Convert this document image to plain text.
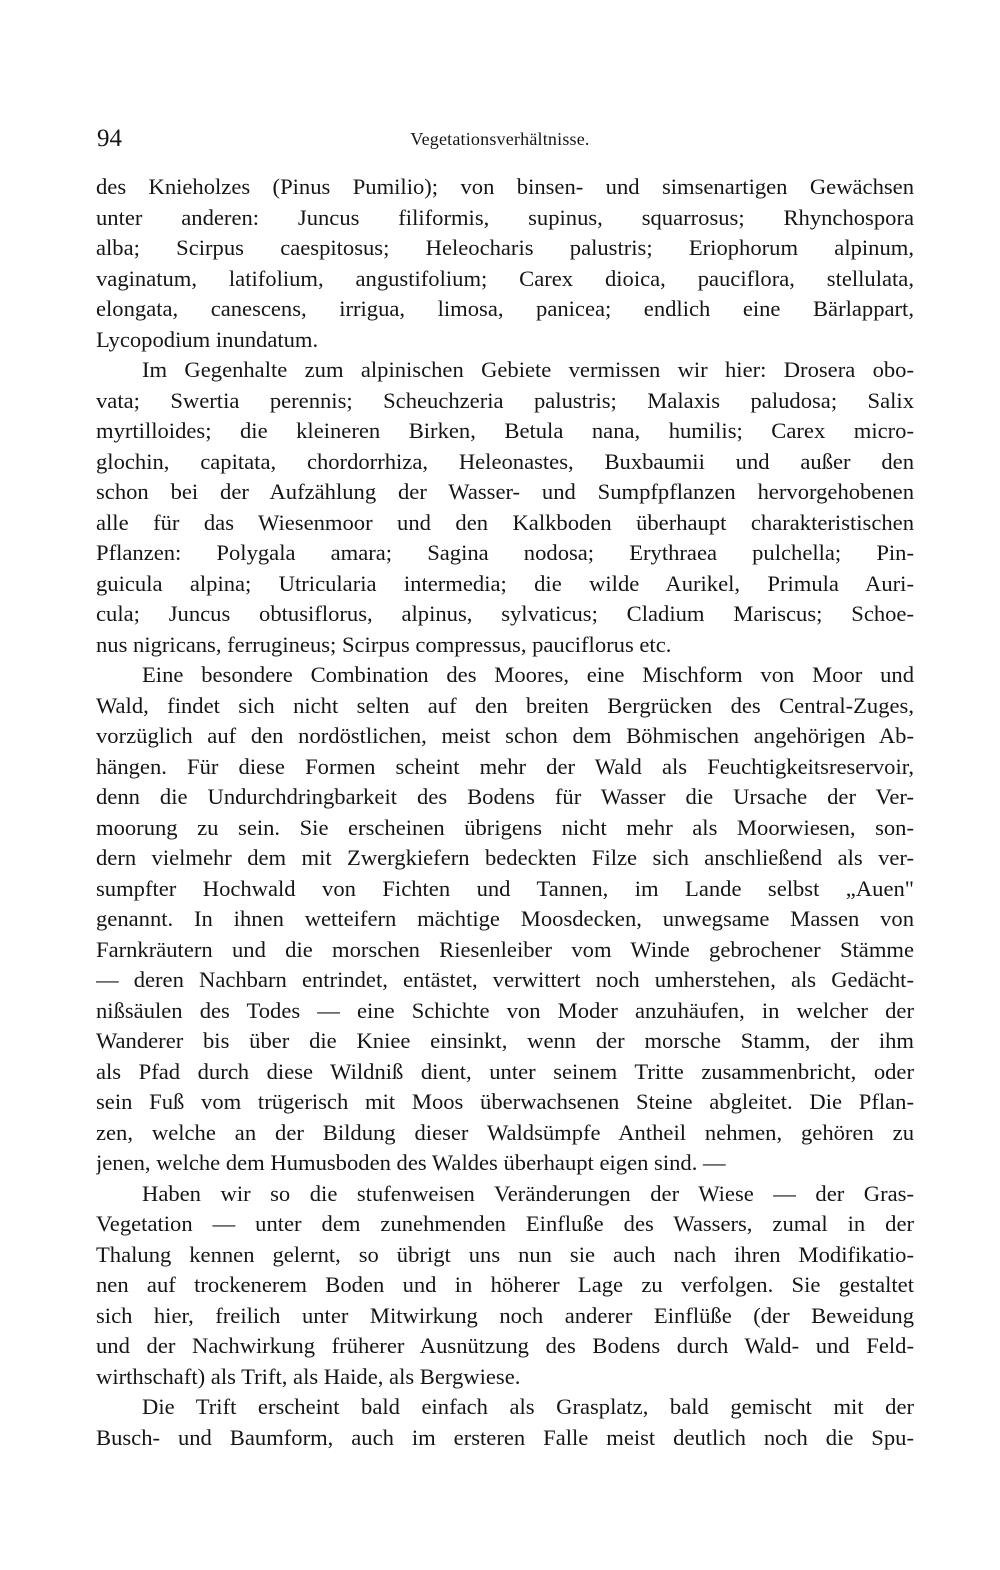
94	Vegetationsverhältnisse.
des Knieholzes (Pinus Pumilio); von binsen- und simsenartigen Gewächsen
unter anderen: Juncus filiformis, supinus, squarrosus; Rhynchospora
alba; Scirpus caespitosus; Heleocharis palustris; Eriophorum alpinum,
vaginatum, latifolium, angustifolium; Carex dioica, pauciflora, stellulata,
elongata, canescens, irrigua, limosa, panicea; endlich eine Bärlappart,
Lycopodium inundatum.
Im Gegenhalte zum alpinischen Gebiete vermissen wir hier: Drosera obo-
vata; Swertia perennis; Scheuchzeria palustris; Malaxis paludosa; Salix
myrtilloides; die kleineren Birken, Betula nana, humilis; Carex micro-
glochin, capitata, chordorrhiza, Heleonastes, Buxbaumii und außer den
schon bei der Aufzählung der Wasser- und Sumpfpflanzen hervorgehobenen
alle für das Wiesenmoor und den Kalkboden überhaupt charakteristischen
Pflanzen: Polygala amara; Sagina nodosa; Erythraea pulchella; Pin-
guicula alpina; Utricularia intermedia; die wilde Aurikel, Primula Auri-
cula; Juncus obtusiflorus, alpinus, sylvaticus; Cladium Mariscus; Schoe-
nus nigricans, ferrugineus; Scirpus compressus, pauciflorus etc.
Eine besondere Combination des Moores, eine Mischform von Moor und
Wald, findet sich nicht selten auf den breiten Bergrücken des Central-Zuges,
vorzüglich auf den nordöstlichen, meist schon dem Böhmischen angehörigen Ab-
hängen. Für diese Formen scheint mehr der Wald als Feuchtigkeitsreservoir,
denn die Undurchdringbarkeit des Bodens für Wasser die Ursache der Ver-
moorung zu sein. Sie erscheinen übrigens nicht mehr als Moorwiesen, son-
dern vielmehr dem mit Zwergkiefern bedeckten Filze sich anschließend als ver-
sumpfter Hochwald von Fichten und Tannen, im Lande selbst „Auen"
genannt. In ihnen wetteifern mächtige Moosdecken, unwegsame Massen von
Farnkräutern und die morschen Riesenleiber vom Winde gebrochener Stämme
— deren Nachbarn entrindet, entästet, verwittert noch umherstehen, als Gedächt-
nißsäulen des Todes — eine Schichte von Moder anzuhäufen, in welcher der
Wanderer bis über die Kniee einsinkt, wenn der morsche Stamm, der ihm
als Pfad durch diese Wildniß dient, unter seinem Tritte zusammenbricht, oder
sein Fuß vom trügerisch mit Moos überwachsenen Steine abgleitet. Die Pflan-
zen, welche an der Bildung dieser Waldsümpfe Antheil nehmen, gehören zu
jenen, welche dem Humusboden des Waldes überhaupt eigen sind. —
Haben wir so die stufenweisen Veränderungen der Wiese — der Gras-
Vegetation — unter dem zunehmenden Einfluße des Wassers, zumal in der
Thalung kennen gelernt, so übrigt uns nun sie auch nach ihren Modifikatio-
nen auf trockenerem Boden und in höherer Lage zu verfolgen. Sie gestaltet
sich hier, freilich unter Mitwirkung noch anderer Einflüße (der Beweidung
und der Nachwirkung früherer Ausnützung des Bodens durch Wald- und Feld-
wirthschaft) als Trift, als Haide, als Bergwiese.
Die Trift erscheint bald einfach als Grasplatz, bald gemischt mit der
Busch- und Baumform, auch im ersteren Falle meist deutlich noch die Spu-
